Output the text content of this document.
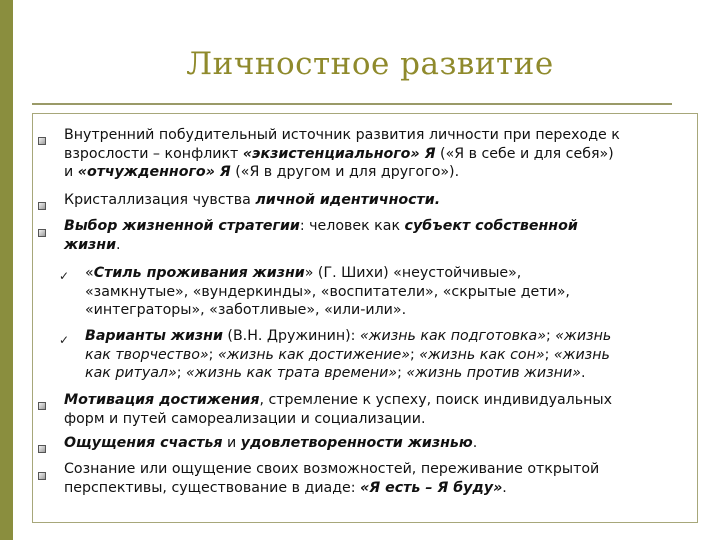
Личностное развитие
Внутренний побудительный источник развития личности при переходе к
взрослости – конфликт «экзистенциального» Я («Я в себе и для себя»)
и «отчужденного» Я («Я в другом и для другого»).
Кристаллизация чувства личной идентичности.
Выбор жизненной стратегии: человек как субъект собственной
жизни.
✓ «Стиль проживания жизни» (Г. Шихи) «неустойчивые»,
«замкнутые», «вундеркинды», «воспитатели», «скрытые дети»,
«интеграторы», «заботливые», «или-или».
✓ Варианты жизни (В.Н. Дружинин): «жизнь как подготовка»; «жизнь
как творчество»; «жизнь как достижение»; «жизнь как сон»; «жизнь
как ритуал»; «жизнь как трата времени»; «жизнь против жизни».
Мотивация достижения, стремление к успеху, поиск индивидуальных
форм и путей самореализации и социализации.
Ощущения счастья и удовлетворенности жизнью.
Сознание или ощущение своих возможностей, переживание открытой
перспективы, существование в диаде: «Я есть – Я буду».
